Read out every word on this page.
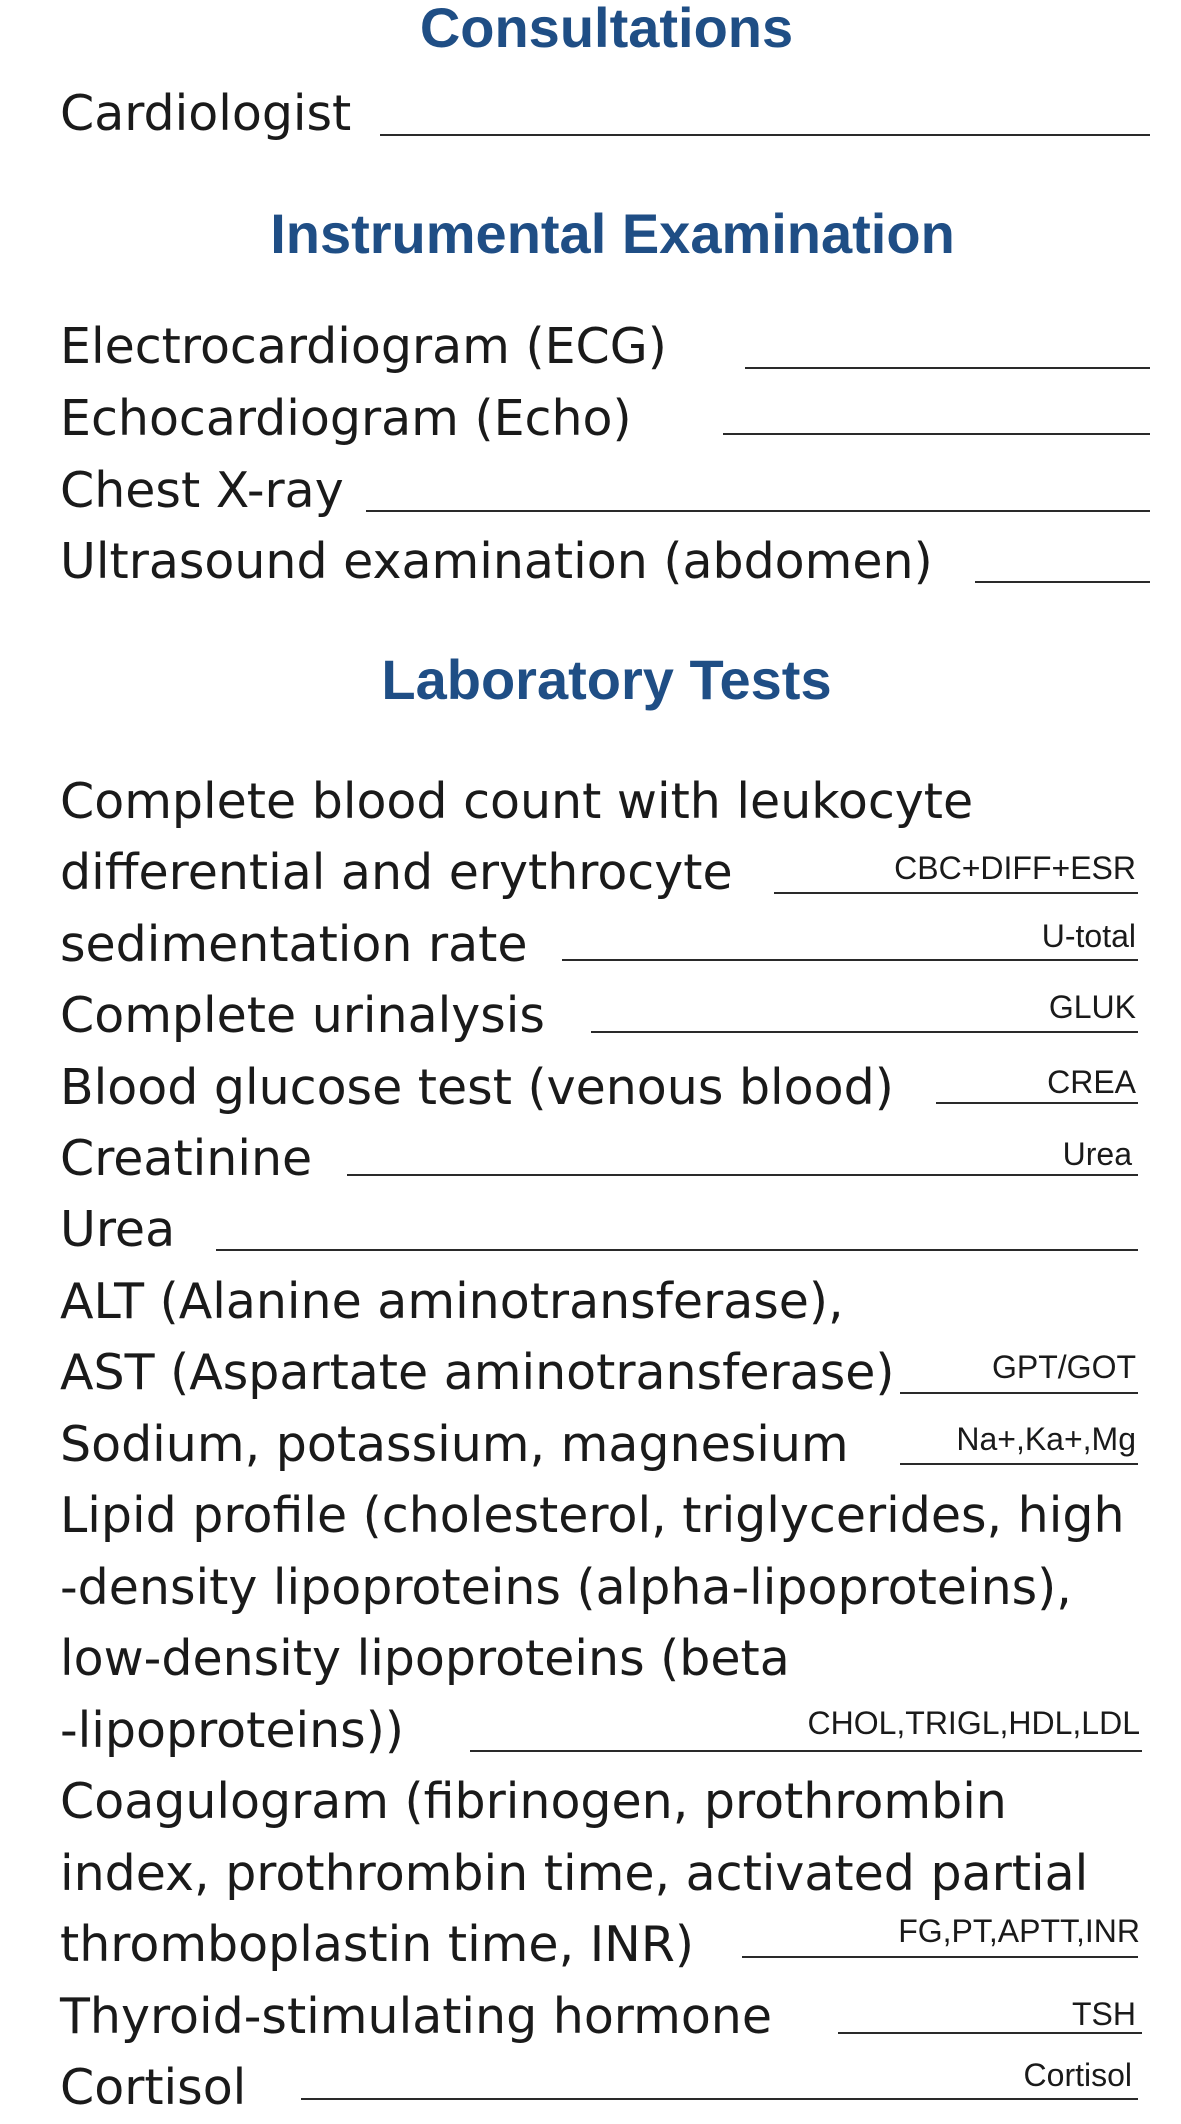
Consultations
Cardiologist
Instrumental Examination
Electrocardiogram (ECG)
Echocardiogram (Echo)
Chest X-ray
Ultrasound examination (abdomen)
Laboratory Tests
Complete blood count with leukocyte
differential and erythrocyte	CBC+DIFF+ESR
sedimentation rate	U-total
Complete urinalysis	GLUK
Blood glucose test (venous blood)	CREA
Creatinine	Urea
Urea
ALT (Alanine aminotransferase),
AST (Aspartate aminotransferase)	GPT/GOT
Sodium, potassium, magnesium	Na+,Ka+,Mg
Lipid profile (cholesterol, triglycerides, high
-density lipoproteins (alpha-lipoproteins),
low-density lipoproteins (beta
-lipoproteins))	CHOL,TRIGL,HDL,LDL
Coagulogram (fibrinogen, prothrombin
index, prothrombin time, activated partial
thromboplastin time, INR)	FG,PT,APTT,INR
Thyroid-stimulating hormone	TSH
Cortisol	Cortisol
